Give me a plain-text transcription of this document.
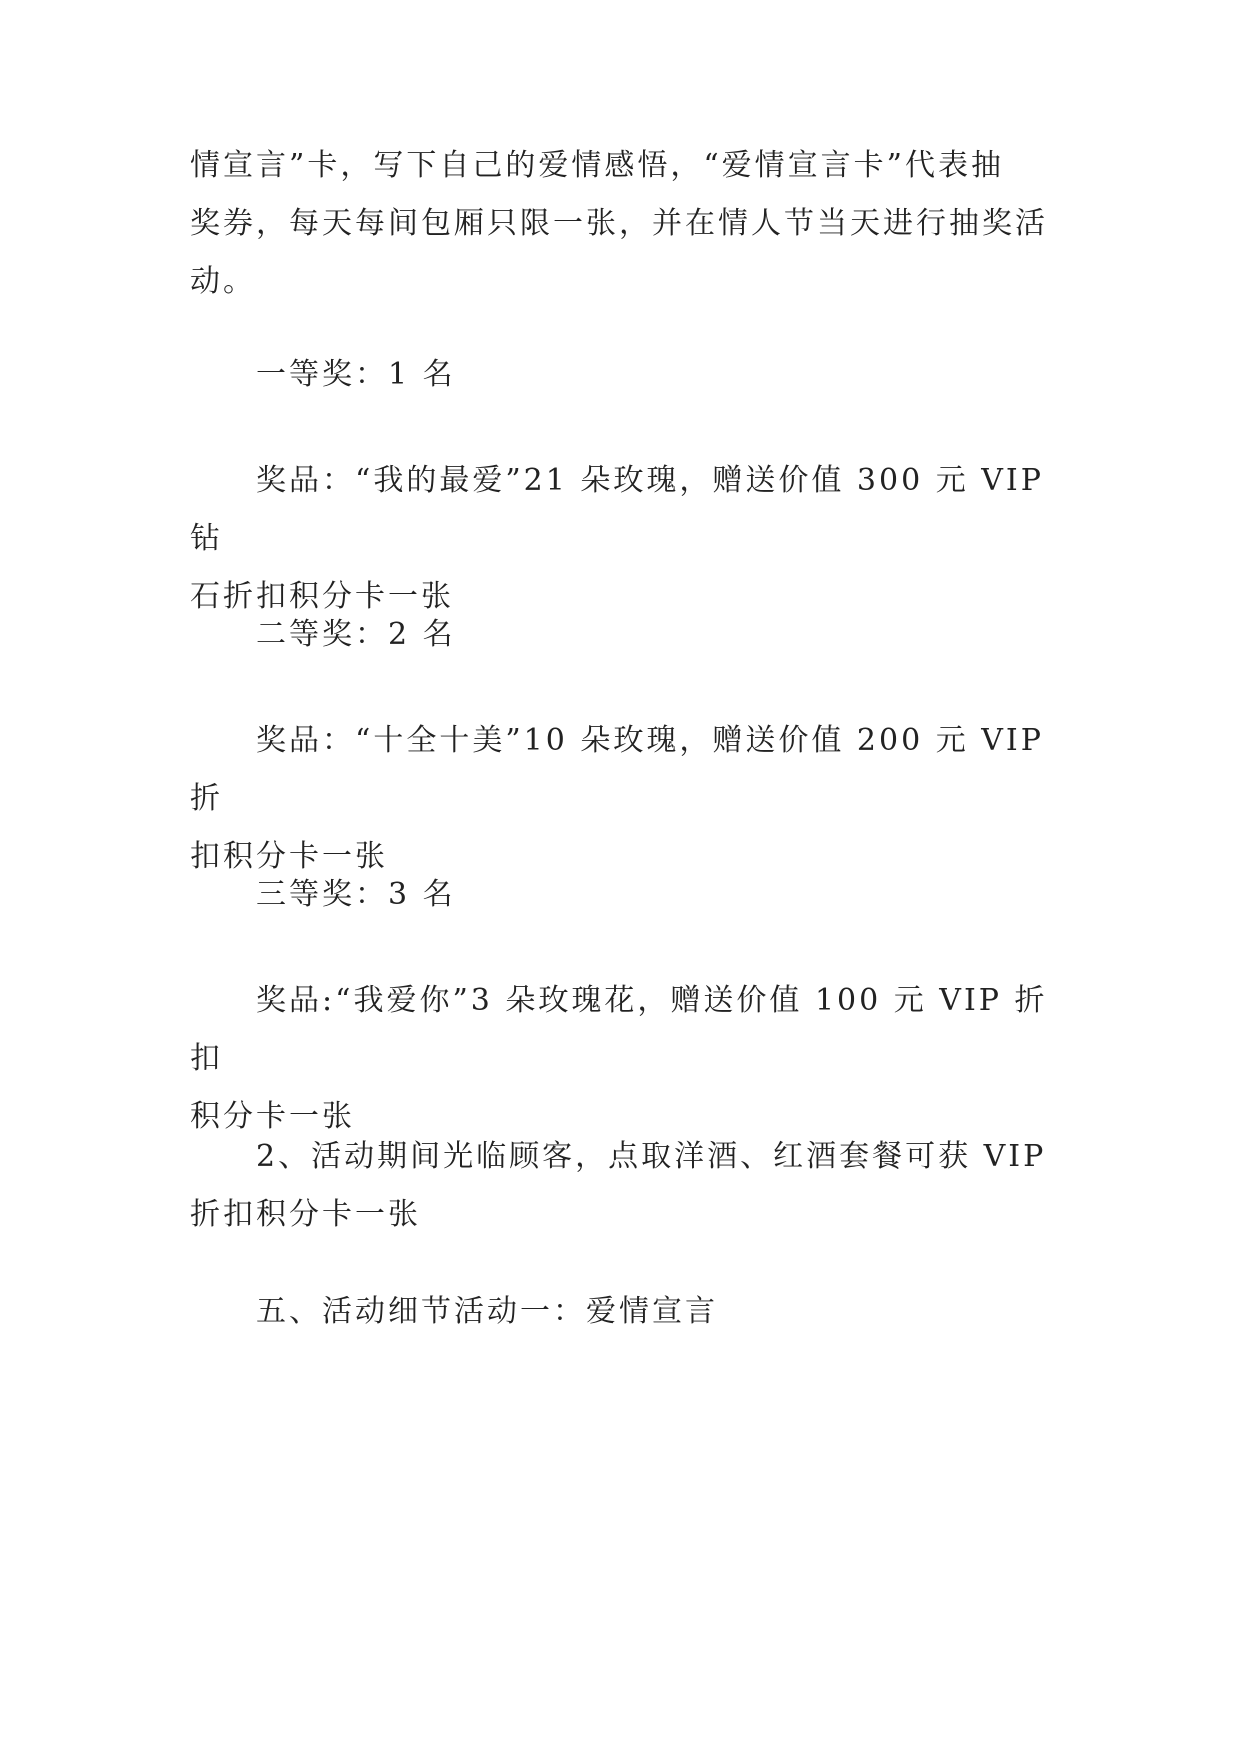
情宣言”卡，写下自己的爱情感悟，“爱情宣言卡”代表抽
奖券，每天每间包厢只限一张，并在情人节当天进行抽奖活
动。

一等奖：1 名

奖品：“我的最爱”21 朵玫瑰，赠送价值 300 元 VIP 钻
石折扣积分卡一张

二等奖：2 名

奖品：“十全十美”10 朵玫瑰，赠送价值 200 元 VIP 折
扣积分卡一张

三等奖：3 名

奖品:“我爱你”3 朵玫瑰花，赠送价值 100 元 VIP 折扣
积分卡一张

2、活动期间光临顾客，点取洋酒、红酒套餐可获 VIP
折扣积分卡一张

五、活动细节活动一：爱情宣言
